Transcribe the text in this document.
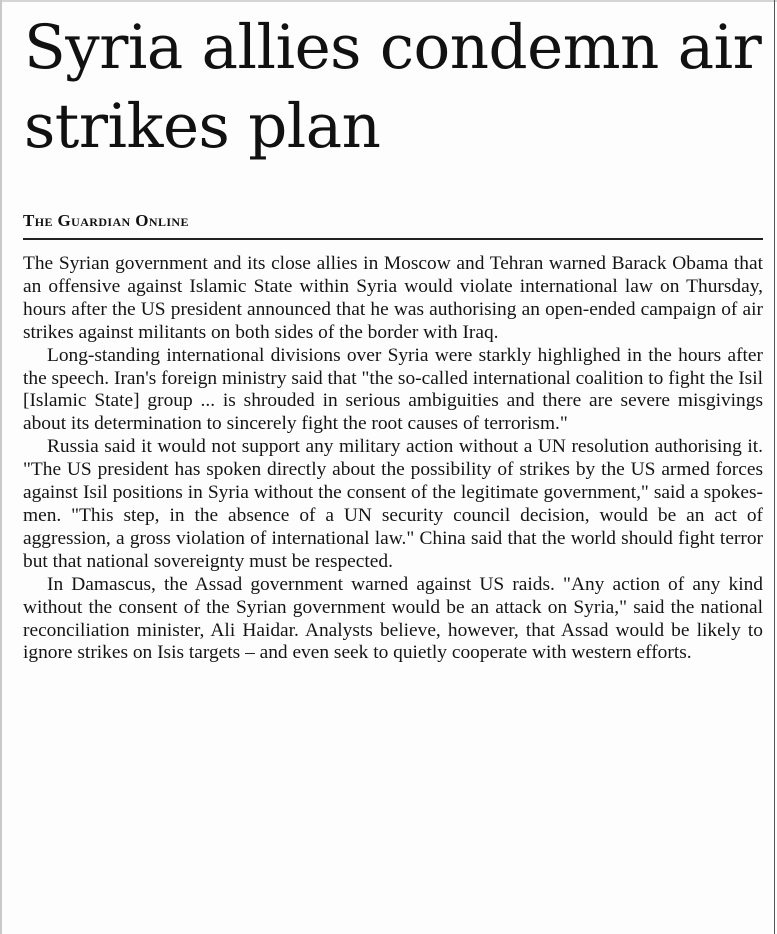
Syria allies condemn air strikes plan
The Guardian Online

The Syrian government and its close allies in Moscow and Tehran warned Barack Obama that an offensive against Islamic State within Syria would violate international law on Thursday, hours after the US president announced that he was authorising an open-ended campaign of air strikes against militants on both sides of the border with Iraq.

Long-standing international divisions over Syria were starkly highlighed in the hours after the speech. Iran's foreign ministry said that "the so-called international coalition to fight the Isil [Islamic State] group ... is shrouded in serious ambiguities and there are severe misgivings about its determination to sincerely fight the root causes of terrorism."

Russia said it would not support any military action without a UN resolution authorising it. "The US president has spoken directly about the possibility of strikes by the US armed forces against Isil positions in Syria without the consent of the legitimate government," said a spokesmen. "This step, in the absence of a UN security council decision, would be an act of aggression, a gross violation of international law." China said that the world should fight terror but that national sovereignty must be respected.

In Damascus, the Assad government warned against US raids. "Any action of any kind without the consent of the Syrian government would be an attack on Syria," said the national reconciliation minister, Ali Haidar. Analysts believe, however, that Assad would be likely to ignore strikes on Isis targets – and even seek to quietly cooperate with western efforts.
